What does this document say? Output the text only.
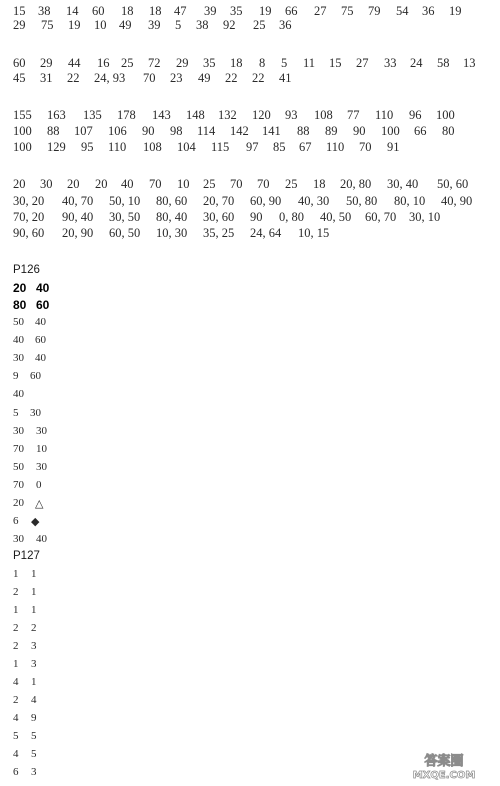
15 38 14 60 18 18 47 39 35 19 66 27 75 79 54 36 19
29 75 19 10 49 39 5 38 92 25 36
60 29 44 16 25 72 29 35 18 8 5 11 15 27 33 24 58 13
45 31 22 24, 93 70 23 49 22 22 41
155 163 135 178 143 148 132 120 93 108 77 110 96 100
100 88 107 106 90 98 114 142 141 88 89 90 100 66 80
100 129 95 110 108 104 115 97 85 67 110 70 91
20 30 20 20 40 70 10 25 70 70 25 18 20, 80 30, 40 50, 60
30, 20 40, 70 50, 10 80, 60 20, 70 60, 90 40, 30 50, 80 80, 10 40, 90
70, 20 90, 40 30, 50 80, 40 30, 60 90 0, 80 40, 50 60, 70 30, 10
90, 60 20, 90 60, 50 10, 30 35, 25 24, 64 10, 15
P126
20 40
80 60
50 40
40 60
30 40
9 60
40
5 30
30 30
70 10
50 30
70 0
20 △
6 ◆
30 40
P127
1 1
2 1
1 1
2 2
2 3
1 3
4 1
2 4
4 9
5 5
4 5
6 3
答案圈
MXQE.COM
